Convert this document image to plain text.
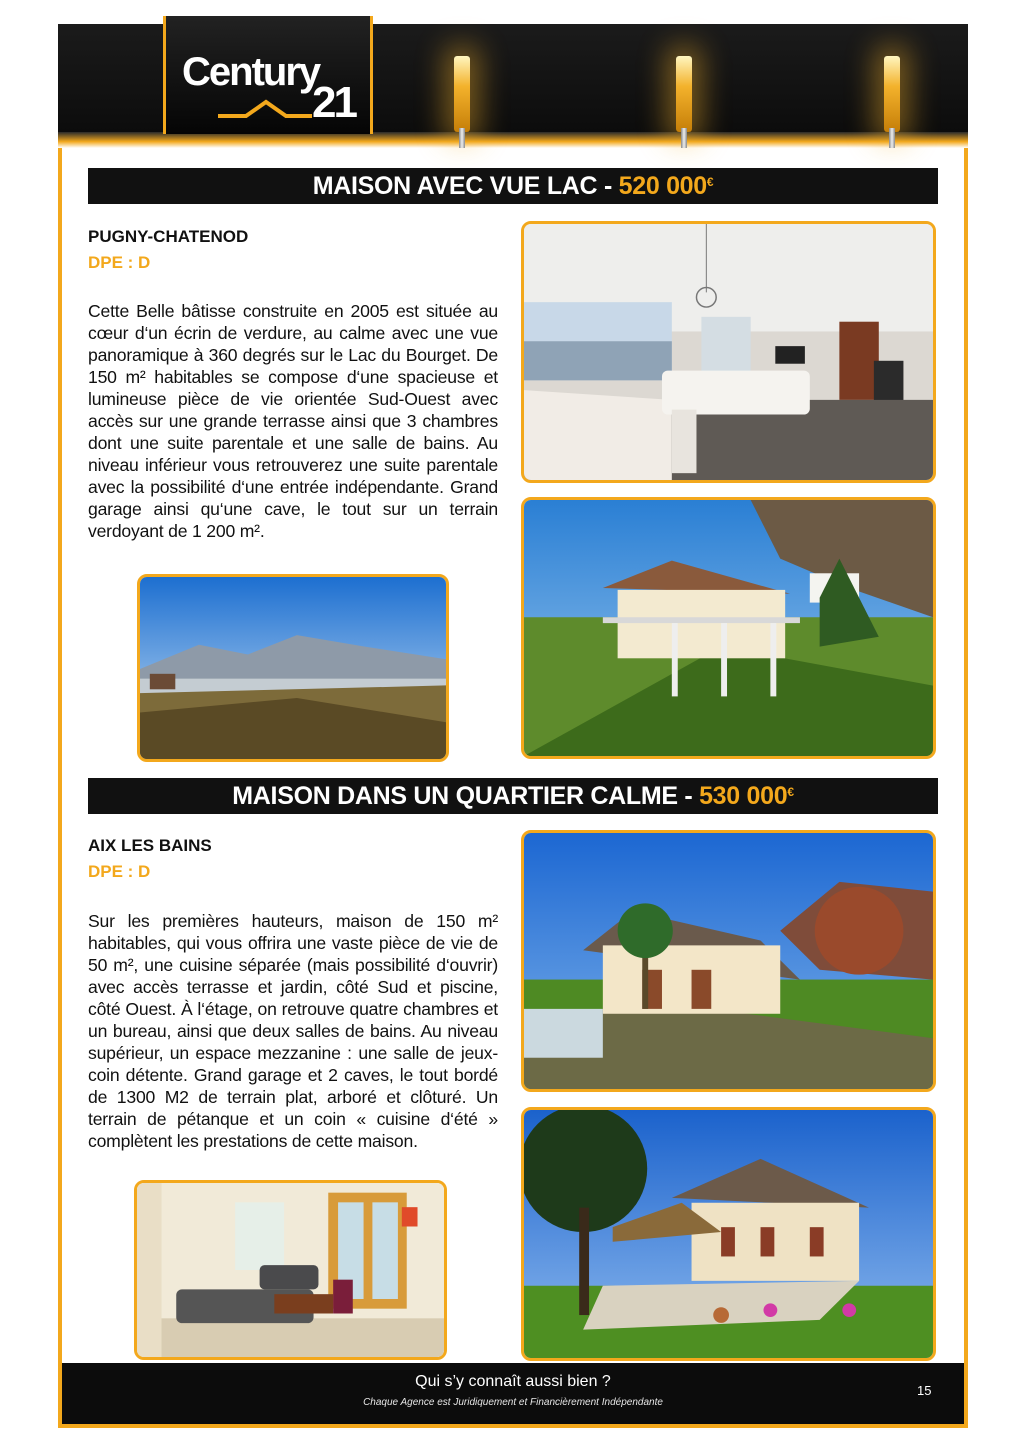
Century
21
MAISON AVEC VUE LAC - 520 000€
PUGNY-CHATENOD
DPE : D
Cette Belle bâtisse construite en 2005 est située au cœur d‘un écrin de verdure, au calme avec une vue panoramique à 360 degrés sur le Lac du Bourget. De 150 m² habitables se compose d‘une spacieuse et lumineuse pièce de vie orientée Sud-Ouest avec accès sur une grande terrasse ainsi que 3 chambres dont une suite parentale et une salle de bains. Au niveau inférieur vous retrouverez une suite parentale avec la possibilité d‘une entrée indépendante. Grand garage ainsi qu‘une cave, le tout sur un terrain verdoyant de 1 200 m².
MAISON DANS UN QUARTIER CALME - 530 000€
AIX LES BAINS
DPE : D
Sur les premières hauteurs, maison de 150 m² habitables, qui vous offrira une vaste pièce de vie de 50 m², une cuisine séparée (mais possibilité d‘ouvrir) avec accès terrasse et jardin, côté Sud et piscine, côté Ouest. À l‘étage, on retrouve quatre chambres et un bureau, ainsi que deux salles de bains. Au niveau supérieur, un espace mezzanine : une salle de jeux-coin détente. Grand garage et 2 caves, le tout bordé de 1300 M2 de terrain plat, arboré et clôturé. Un terrain de pétanque et un coin « cuisine d‘été » complètent les prestations de cette maison.
Qui s’y connaît aussi bien ?
Chaque Agence est Juridiquement et Financièrement Indépendante
15
